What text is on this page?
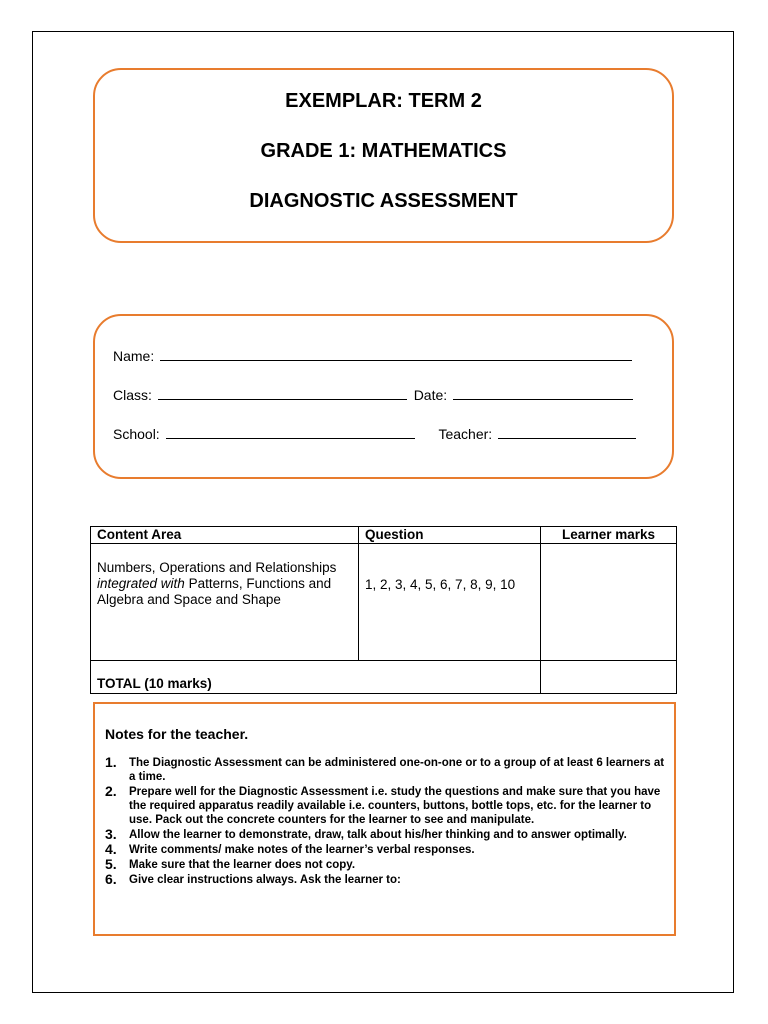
EXEMPLAR: TERM 2
GRADE 1: MATHEMATICS
DIAGNOSTIC ASSESSMENT
Name:
Class:	Date:
School:	Teacher:
Content Area	Question	Learner marks
Numbers, Operations and Relationships integrated with Patterns, Functions and Algebra and Space and Shape	1, 2, 3, 4, 5, 6, 7, 8, 9, 10	
TOTAL (10 marks)		
Notes for the teacher.
1. The Diagnostic Assessment can be administered one-on-one or to a group of at least 6 learners at a time.
2. Prepare well for the Diagnostic Assessment i.e. study the questions and make sure that you have the required apparatus readily available i.e. counters, buttons, bottle tops, etc. for the learner to use. Pack out the concrete counters for the learner to see and manipulate.
3. Allow the learner to demonstrate, draw, talk about his/her thinking and to answer optimally.
4. Write comments/ make notes of the learner’s verbal responses.
5. Make sure that the learner does not copy.
6. Give clear instructions always. Ask the learner to:
